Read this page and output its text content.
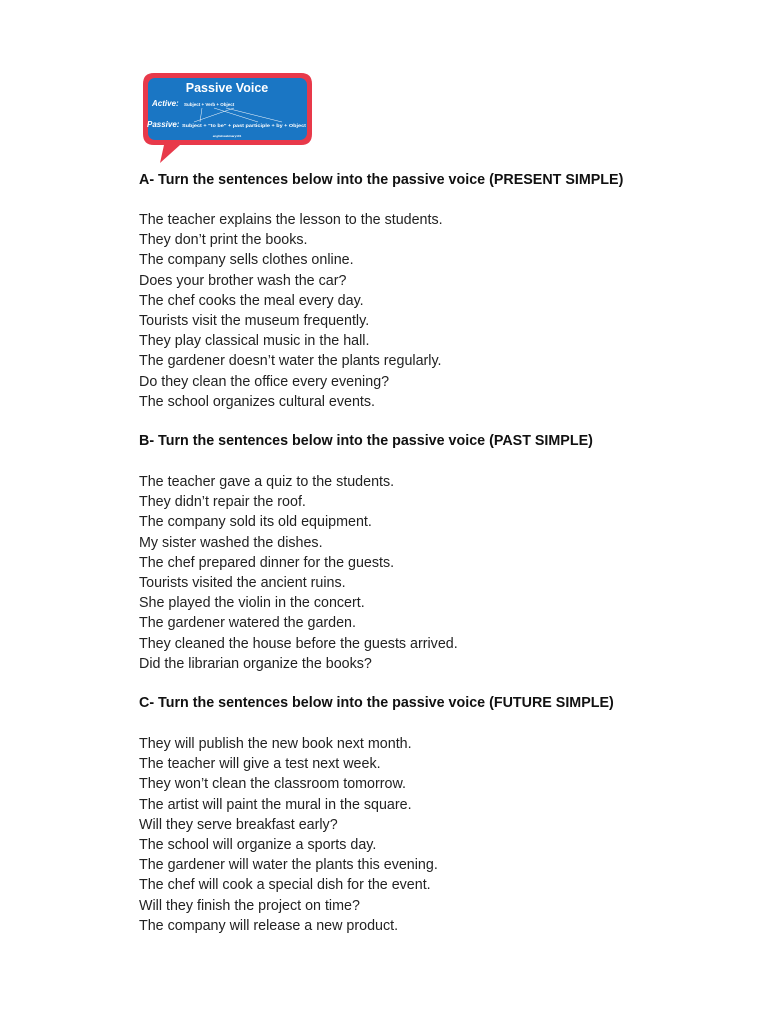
Passive Voice
Active: Subject + Verb + Object
Passive: Subject + "to be" + past participle + by + Object
englishwebinary101

A- Turn the sentences below into the passive voice (PRESENT SIMPLE)

The teacher explains the lesson to the students.
They don’t print the books.
The company sells clothes online.
Does your brother wash the car?
The chef cooks the meal every day.
Tourists visit the museum frequently.
They play classical music in the hall.
The gardener doesn’t water the plants regularly.
Do they clean the office every evening?
The school organizes cultural events.

B- Turn the sentences below into the passive voice (PAST SIMPLE)

The teacher gave a quiz to the students.
They didn’t repair the roof.
The company sold its old equipment.
My sister washed the dishes.
The chef prepared dinner for the guests.
Tourists visited the ancient ruins.
She played the violin in the concert.
The gardener watered the garden.
They cleaned the house before the guests arrived.
Did the librarian organize the books?

C- Turn the sentences below into the passive voice (FUTURE SIMPLE)

They will publish the new book next month.
The teacher will give a test next week.
They won’t clean the classroom tomorrow.
The artist will paint the mural in the square.
Will they serve breakfast early?
The school will organize a sports day.
The gardener will water the plants this evening.
The chef will cook a special dish for the event.
Will they finish the project on time?
The company will release a new product.
